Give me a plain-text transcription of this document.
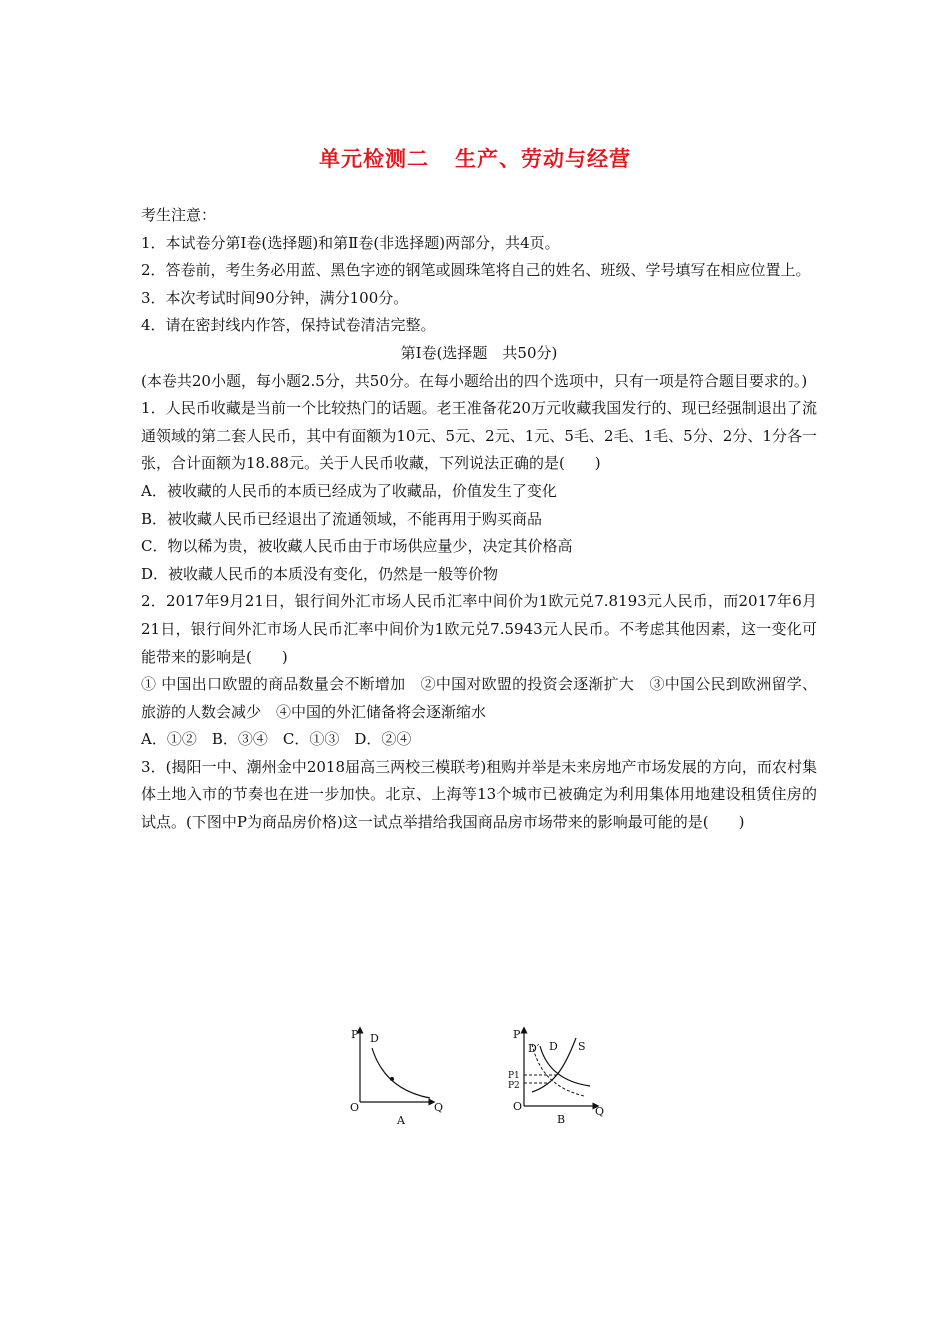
单元检测二 生产、劳动与经营
考生注意：
1．本试卷分第Ⅰ卷(选择题)和第Ⅱ卷(非选择题)两部分，共4页。
2．答卷前，考生务必用蓝、黑色字迹的钢笔或圆珠笔将自己的姓名、班级、学号填写在相应位置上。
3．本次考试时间90分钟，满分100分。
4．请在密封线内作答，保持试卷清洁完整。
第Ⅰ卷(选择题　共50分)
(本卷共20小题，每小题2.5分，共50分。在每小题给出的四个选项中，只有一项是符合题目要求的。)
1．人民币收藏是当前一个比较热门的话题。老王准备花20万元收藏我国发行的、现已经强制退出了流通领域的第二套人民币，其中有面额为10元、5元、2元、1元、5毛、2毛、1毛、5分、2分、1分各一张，合计面额为18.88元。关于人民币收藏，下列说法正确的是(　　)
A．被收藏的人民币的本质已经成为了收藏品，价值发生了变化
B．被收藏人民币已经退出了流通领域，不能再用于购买商品
C．物以稀为贵，被收藏人民币由于市场供应量少，决定其价格高
D．被收藏人民币的本质没有变化，仍然是一般等价物
2．2017年9月21日，银行间外汇市场人民币汇率中间价为1欧元兑7.8193元人民币，而2017年6月21日，银行间外汇市场人民币汇率中间价为1欧元兑7.5943元人民币。不考虑其他因素，这一变化可能带来的影响是(　　)
① 中国出口欧盟的商品数量会不断增加　②中国对欧盟的投资会逐渐扩大　③中国公民到欧洲留学、旅游的人数会减少　④中国的外汇储备将会逐渐缩水
A．①②　B．③④　C．①③　D．②④
3．(揭阳一中、潮州金中2018届高三两校三模联考)租购并举是未来房地产市场发展的方向，而农村集体土地入市的节奏也在进一步加快。北京、上海等13个城市已被确定为利用集体用地建设租赁住房的试点。(下图中P为商品房价格)这一试点举措给我国商品房市场带来的影响最可能的是(　　)
P D
O	Q
A
P
D′ D S
P1
P2
O	Q
B
